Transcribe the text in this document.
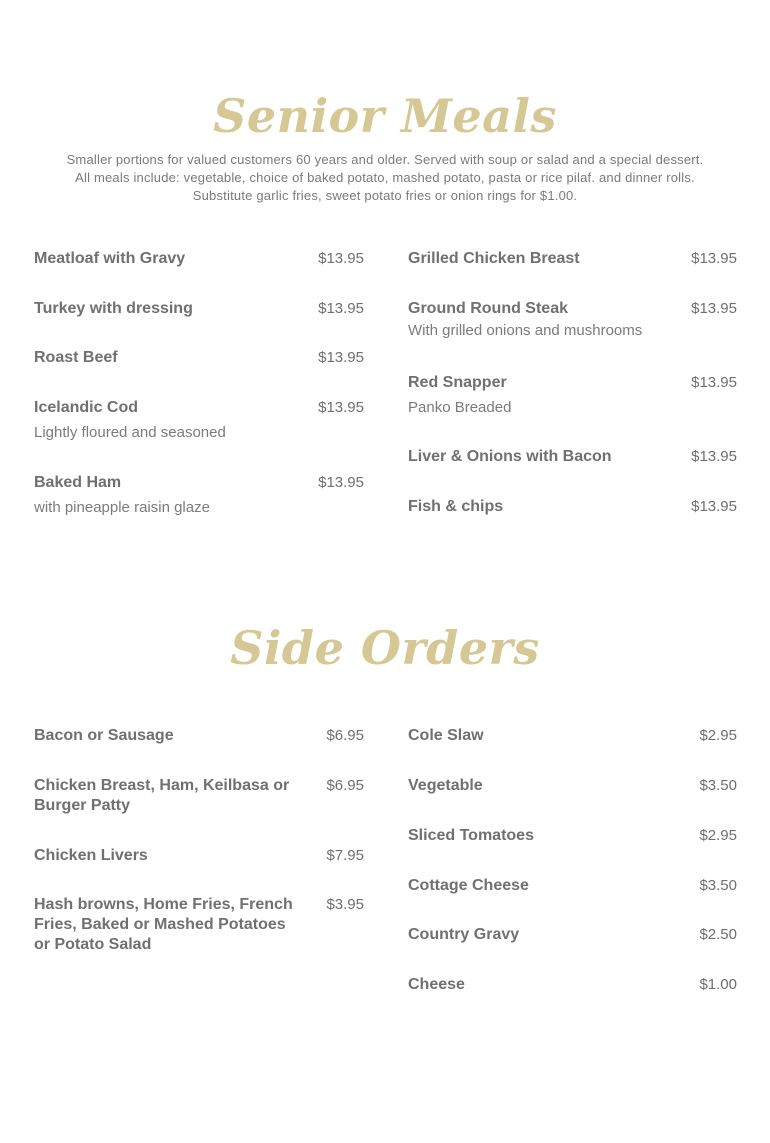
Senior Meals
Smaller portions for valued customers 60 years and older. Served with soup or salad and a special dessert.
All meals include: vegetable, choice of baked potato, mashed potato, pasta or rice pilaf. and dinner rolls.
Substitute garlic fries, sweet potato fries or onion rings for $1.00.
Meatloaf with Gravy	$13.95
Turkey with dressing	$13.95
Roast Beef	$13.95
Icelandic Cod	$13.95
Lightly floured and seasoned
Baked Ham	$13.95
with pineapple raisin glaze
Grilled Chicken Breast	$13.95
Ground Round Steak	$13.95
With grilled onions and mushrooms
Red Snapper	$13.95
Panko Breaded
Liver & Onions with Bacon	$13.95
Fish & chips	$13.95
Side Orders
Bacon or Sausage	$6.95
Chicken Breast, Ham, Keilbasa or Burger Patty
$6.95
Chicken Livers	$7.95
Hash browns, Home Fries, French Fries, Baked or Mashed Potatoes or Potato Salad
$3.95
Cole Slaw	$2.95
Vegetable	$3.50
Sliced Tomatoes	$2.95
Cottage Cheese	$3.50
Country Gravy	$2.50
Cheese	$1.00
